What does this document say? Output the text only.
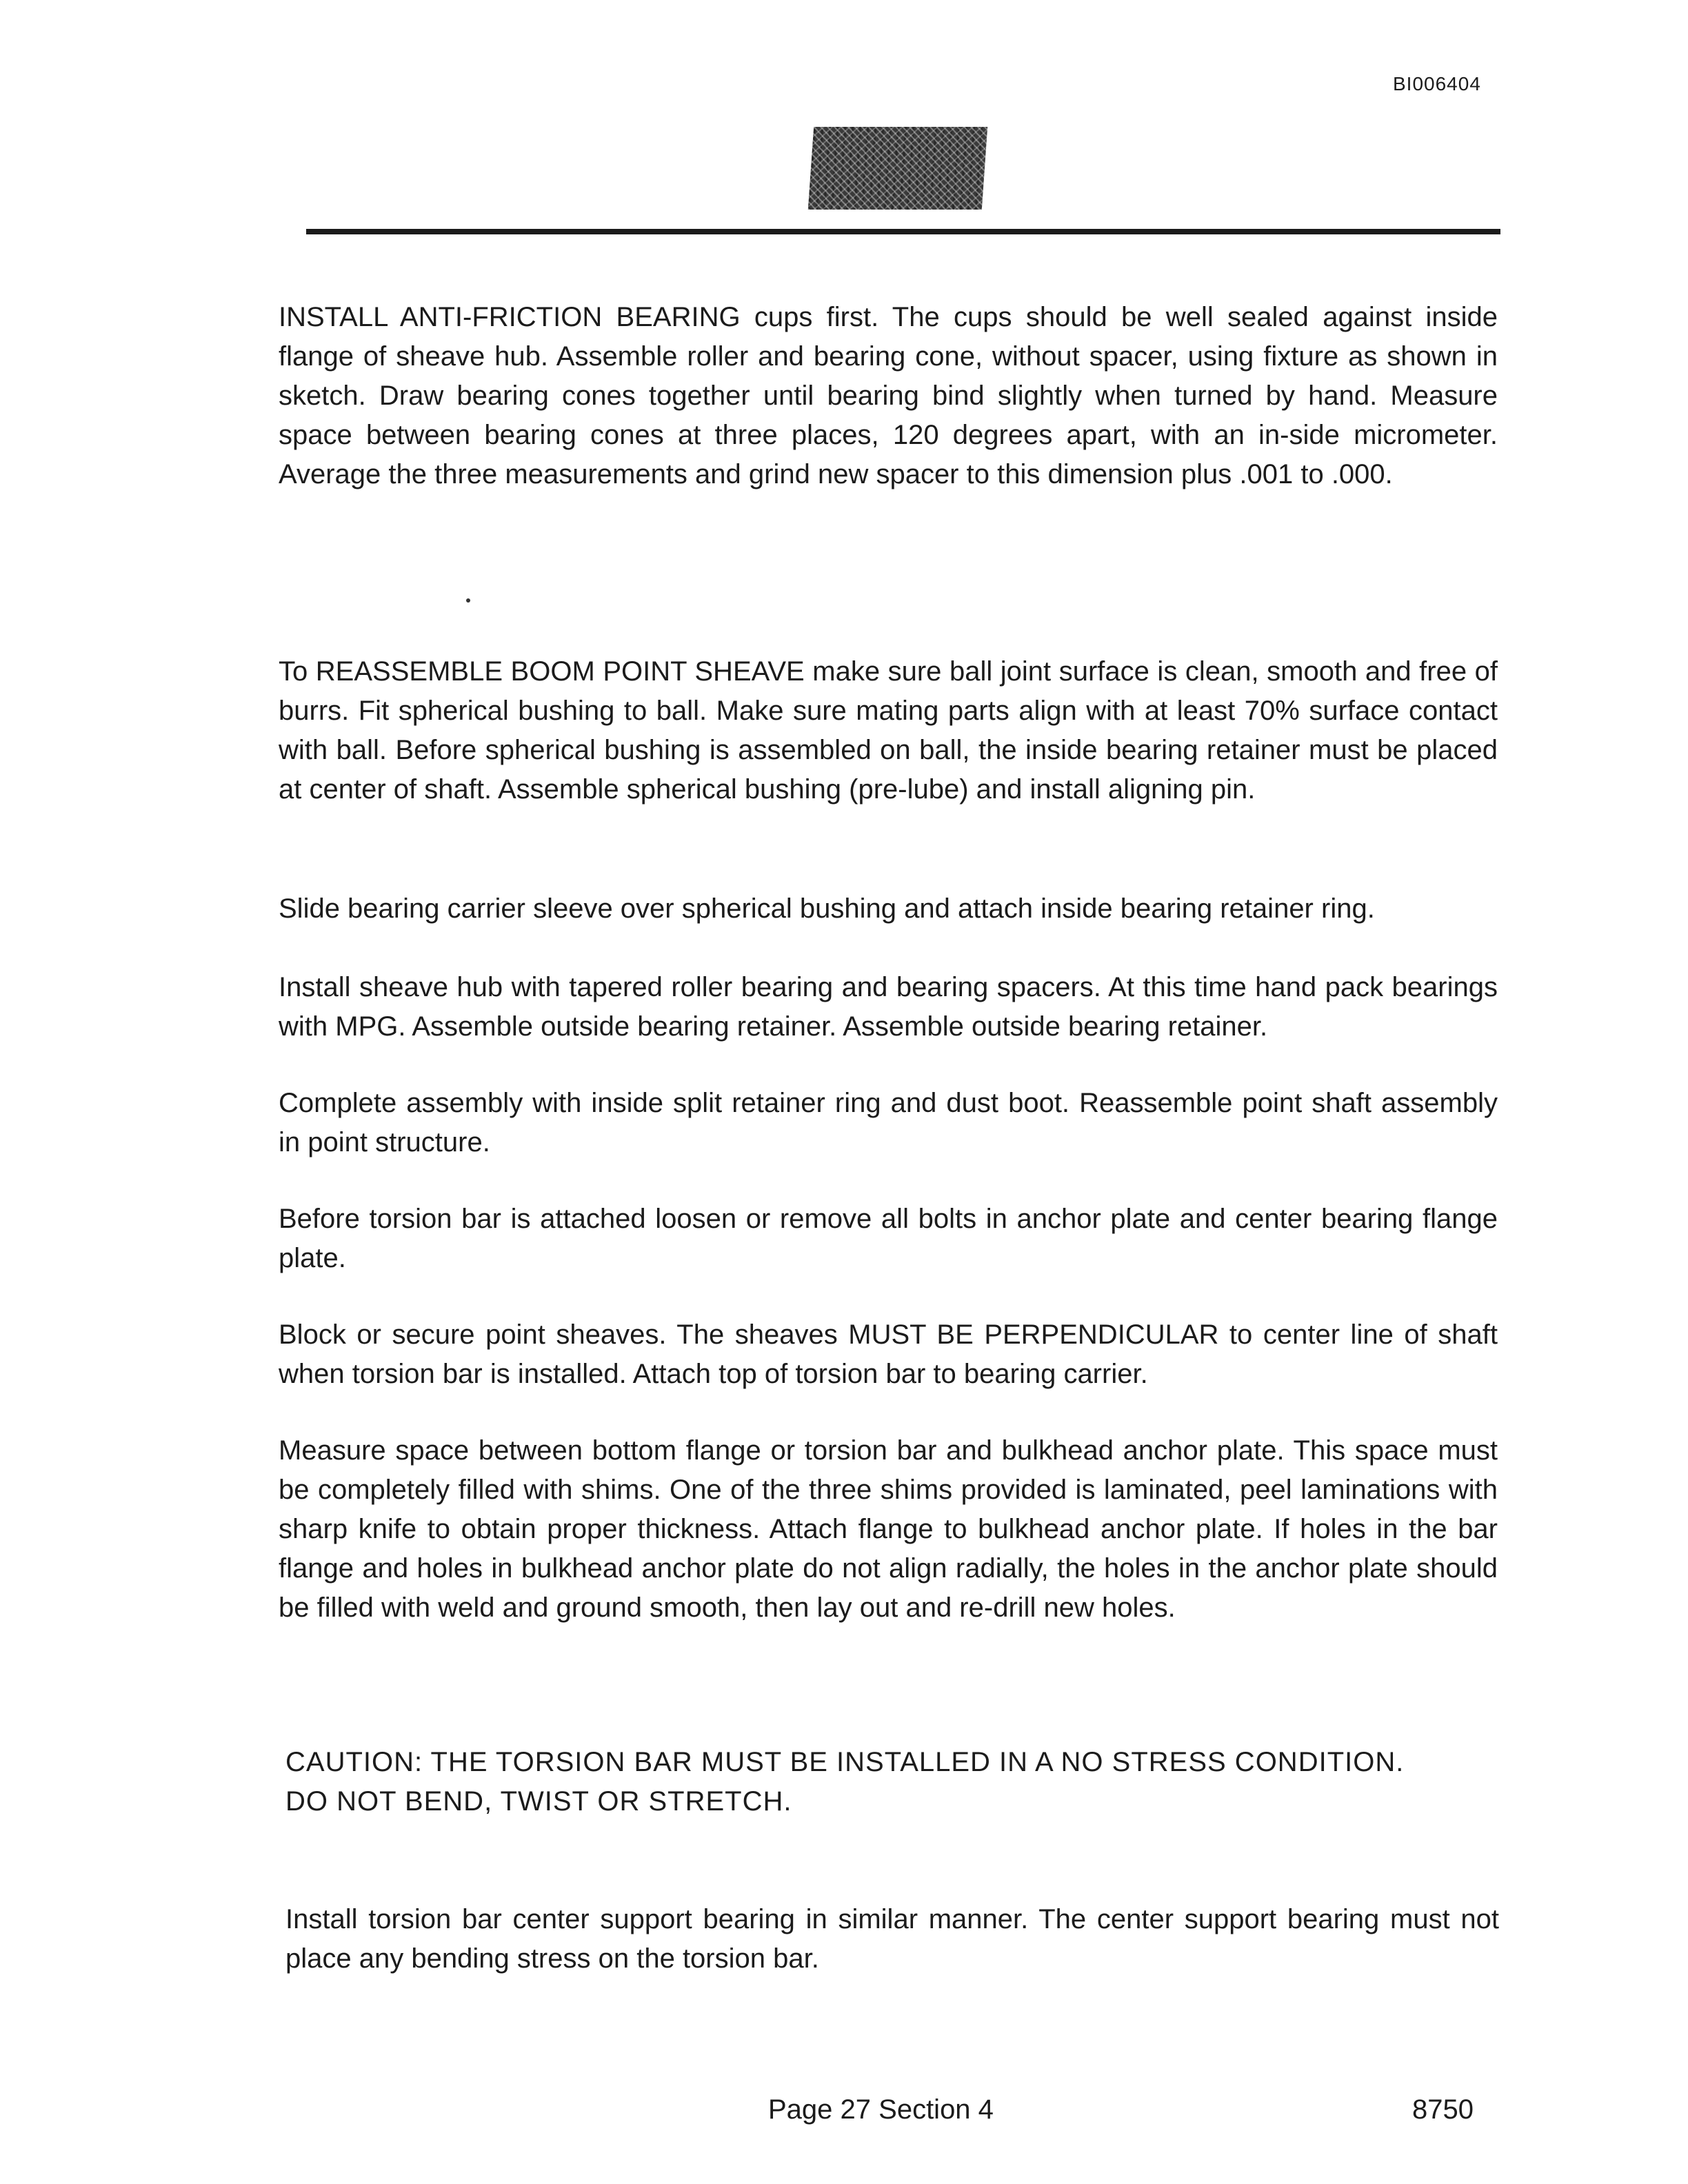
BI006404

INSTALL ANTI-FRICTION BEARING cups first. The cups should be well sealed against inside flange of sheave hub. Assemble roller and bearing cone, without spacer, using fixture as shown in sketch. Draw bearing cones together until bearing bind slightly when turned by hand. Measure space between bearing cones at three places, 120 degrees apart, with an in-side micrometer. Average the three measurements and grind new spacer to this dimension plus .001 to .000.

To REASSEMBLE BOOM POINT SHEAVE make sure ball joint surface is clean, smooth and free of burrs. Fit spherical bushing to ball. Make sure mating parts align with at least 70% surface contact with ball. Before spherical bushing is assembled on ball, the inside bearing retainer must be placed at center of shaft. Assemble spherical bushing (pre-lube) and install aligning pin.

Slide bearing carrier sleeve over spherical bushing and attach inside bearing retainer ring.

Install sheave hub with tapered roller bearing and bearing spacers. At this time hand pack bearings with MPG. Assemble outside bearing retainer. Assemble outside bearing retainer.

Complete assembly with inside split retainer ring and dust boot. Reassemble point shaft assembly in point structure.

Before torsion bar is attached loosen or remove all bolts in anchor plate and center bearing flange plate.

Block or secure point sheaves. The sheaves MUST BE PERPENDICULAR to center line of shaft when torsion bar is installed. Attach top of torsion bar to bearing carrier.

Measure space between bottom flange or torsion bar and bulkhead anchor plate. This space must be completely filled with shims. One of the three shims provided is laminated, peel laminations with sharp knife to obtain proper thickness. Attach flange to bulkhead anchor plate. If holes in the bar flange and holes in bulkhead anchor plate do not align radially, the holes in the anchor plate should be filled with weld and ground smooth, then lay out and re-drill new holes.

CAUTION: THE TORSION BAR MUST BE INSTALLED IN A NO STRESS CONDITION.

DO NOT BEND, TWIST OR STRETCH.

Install torsion bar center support bearing in similar manner. The center support bearing must not place any bending stress on the torsion bar.

Page 27 Section 4	8750
